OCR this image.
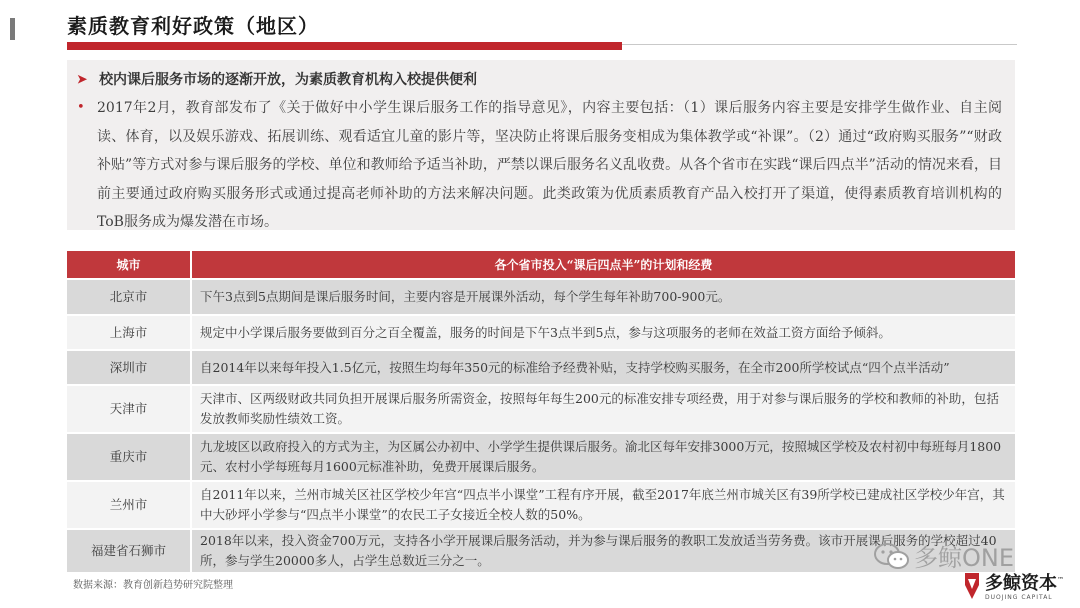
素质教育利好政策（地区）
➤ 校内课后服务市场的逐渐开放，为素质教育机构入校提供便利
• 2017年2月，教育部发布了《关于做好中小学生课后服务工作的指导意见》，内容主要包括：（1）课后服务内容主要是安排学生做作业、自主阅读、体育，以及娱乐游戏、拓展训练、观看适宜儿童的影片等，坚决防止将课后服务变相成为集体教学或“补课”。（2）通过“政府购买服务”“财政补贴”等方式对参与课后服务的学校、单位和教师给予适当补助，严禁以课后服务名义乱收费。从各个省市在实践“课后四点半”活动的情况来看，目前主要通过政府购买服务形式或通过提高老师补助的方法来解决问题。此类政策为优质素质教育产品入校打开了渠道，使得素质教育培训机构的ToB服务成为爆发潜在市场。

城市	各个省市投入“课后四点半”的计划和经费
北京市	下午3点到5点期间是课后服务时间，主要内容是开展课外活动，每个学生每年补助700-900元。
上海市	规定中小学课后服务要做到百分之百全覆盖，服务的时间是下午3点半到5点，参与这项服务的老师在效益工资方面给予倾斜。
深圳市	自2014年以来每年投入1.5亿元，按照生均每年350元的标准给予经费补贴，支持学校购买服务，在全市200所学校试点“四个点半活动”
天津市	天津市、区两级财政共同负担开展课后服务所需资金，按照每年每生200元的标准安排专项经费，用于对参与课后服务的学校和教师的补助，包括发放教师奖励性绩效工资。
重庆市	九龙坡区以政府投入的方式为主，为区属公办初中、小学学生提供课后服务。渝北区每年安排3000万元，按照城区学校及农村初中每班每月1800元、农村小学每班每月1600元标准补助，免费开展课后服务。
兰州市	自2011年以来，兰州市城关区社区学校少年宫“四点半小课堂”工程有序开展，截至2017年底兰州市城关区有39所学校已建成社区学校少年宫，其中大砂坪小学参与“四点半小课堂”的农民工子女接近全校人数的50%。
福建省石狮市	2018年以来，投入资金700万元，支持各小学开展课后服务活动，并为参与课后服务的教职工发放适当劳务费。该市开展课后服务的学校超过40所，参与学生20000多人，占学生总数近三分之一。
数据来源：教育创新趋势研究院整理
多鲸ONE
多鲸资本™
DUOJING CAPITAL
